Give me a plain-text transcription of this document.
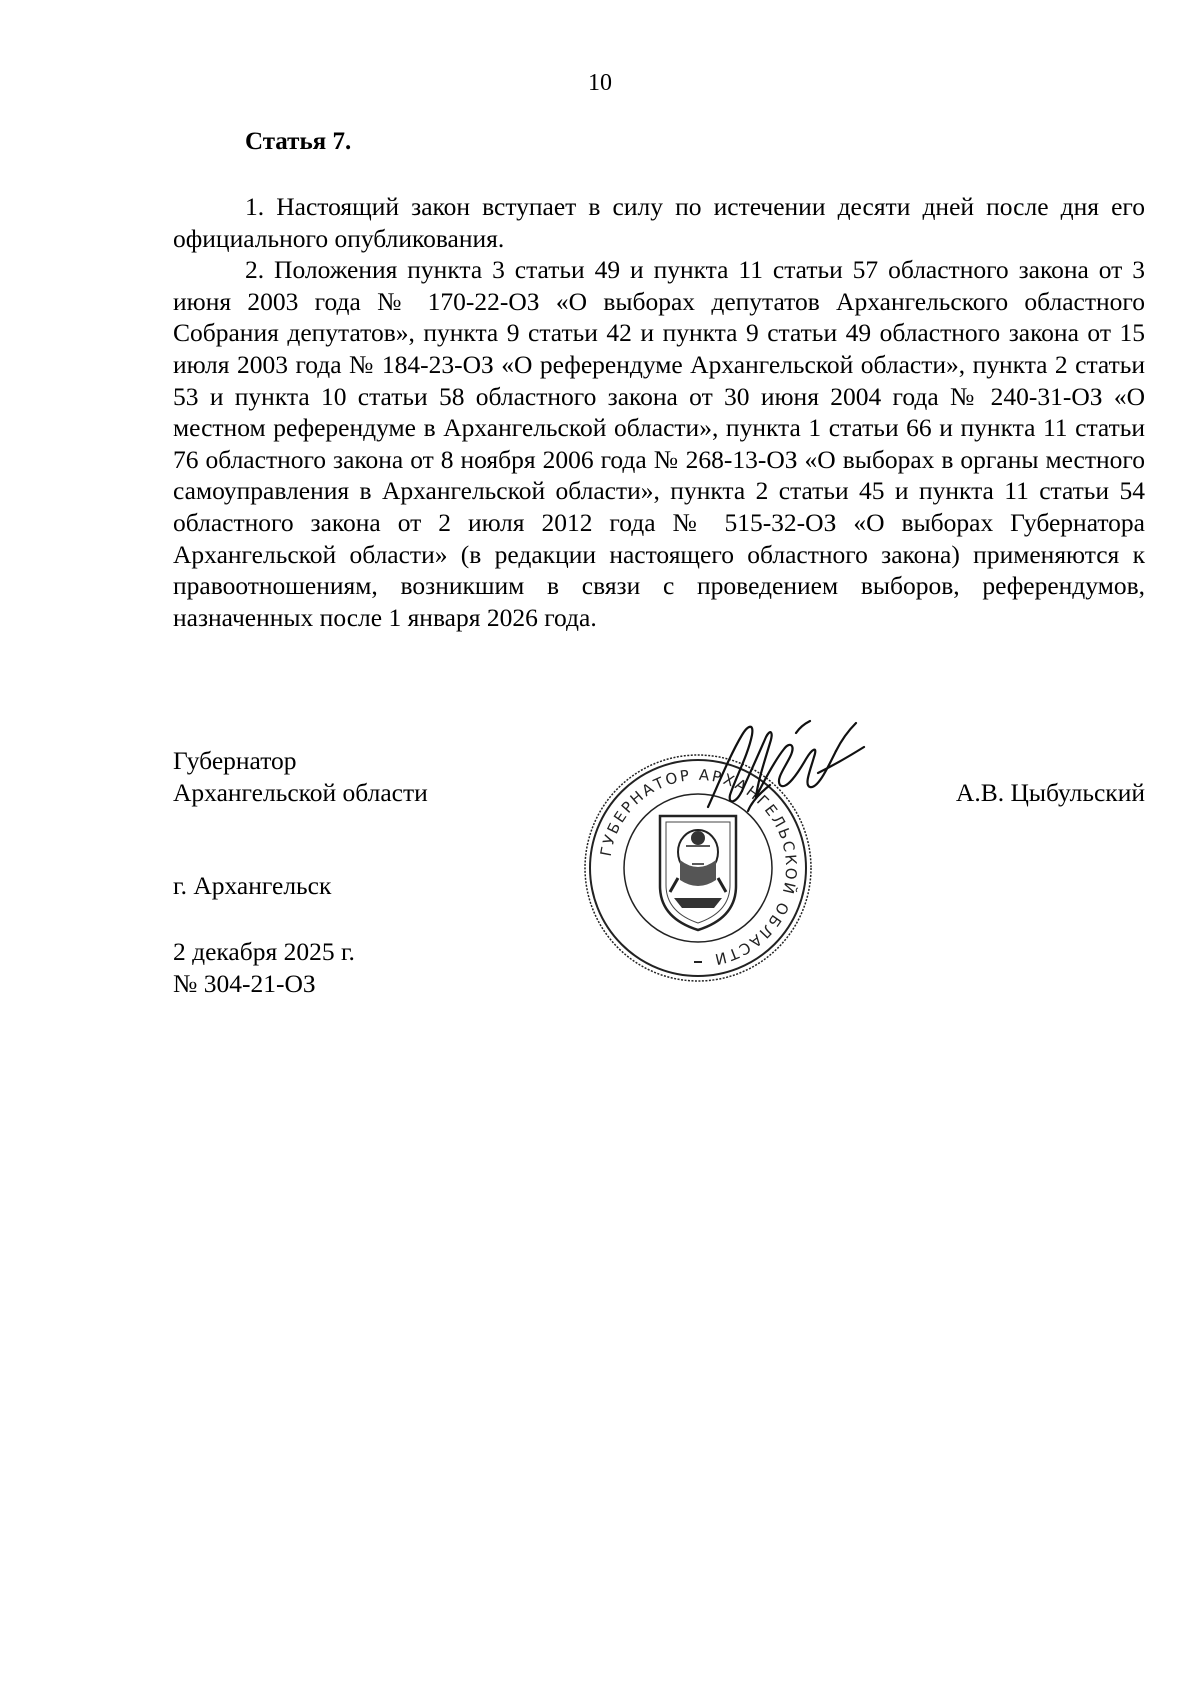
10
Статья 7.

1. Настоящий закон вступает в силу по истечении десяти дней после дня его официального опубликования.

2. Положения пункта 3 статьи 49 и пункта 11 статьи 57 областного закона от 3 июня 2003 года № 170-22-ОЗ «О выборах депутатов Архангельского областного Собрания депутатов», пункта 9 статьи 42 и пункта 9 статьи 49 областного закона от 15 июля 2003 года № 184-23-ОЗ «О референдуме Архангельской области», пункта 2 статьи 53 и пункта 10 статьи 58 областного закона от 30 июня 2004 года № 240-31-ОЗ «О местном референдуме в Архангельской области», пункта 1 статьи 66 и пункта 11 статьи 76 областного закона от 8 ноября 2006 года № 268-13-ОЗ «О выборах в органы местного самоуправления в Архангельской области», пункта 2 статьи 45 и пункта 11 статьи 54 областного закона от 2 июля 2012 года № 515-32-ОЗ «О выборах Губернатора Архангельской области» (в редакции настоящего областного закона) применяются к правоотношениям, возникшим в связи с проведением выборов, референдумов, назначенных после 1 января 2026 года.

Губернатор
Архангельской области	А.В. Цыбульский
ГУБЕРНАТОР АРХАНГЕЛЬСКОЙ ОБЛАСТИ
г. Архангельск
2 декабря 2025 г.
№ 304-21-ОЗ
